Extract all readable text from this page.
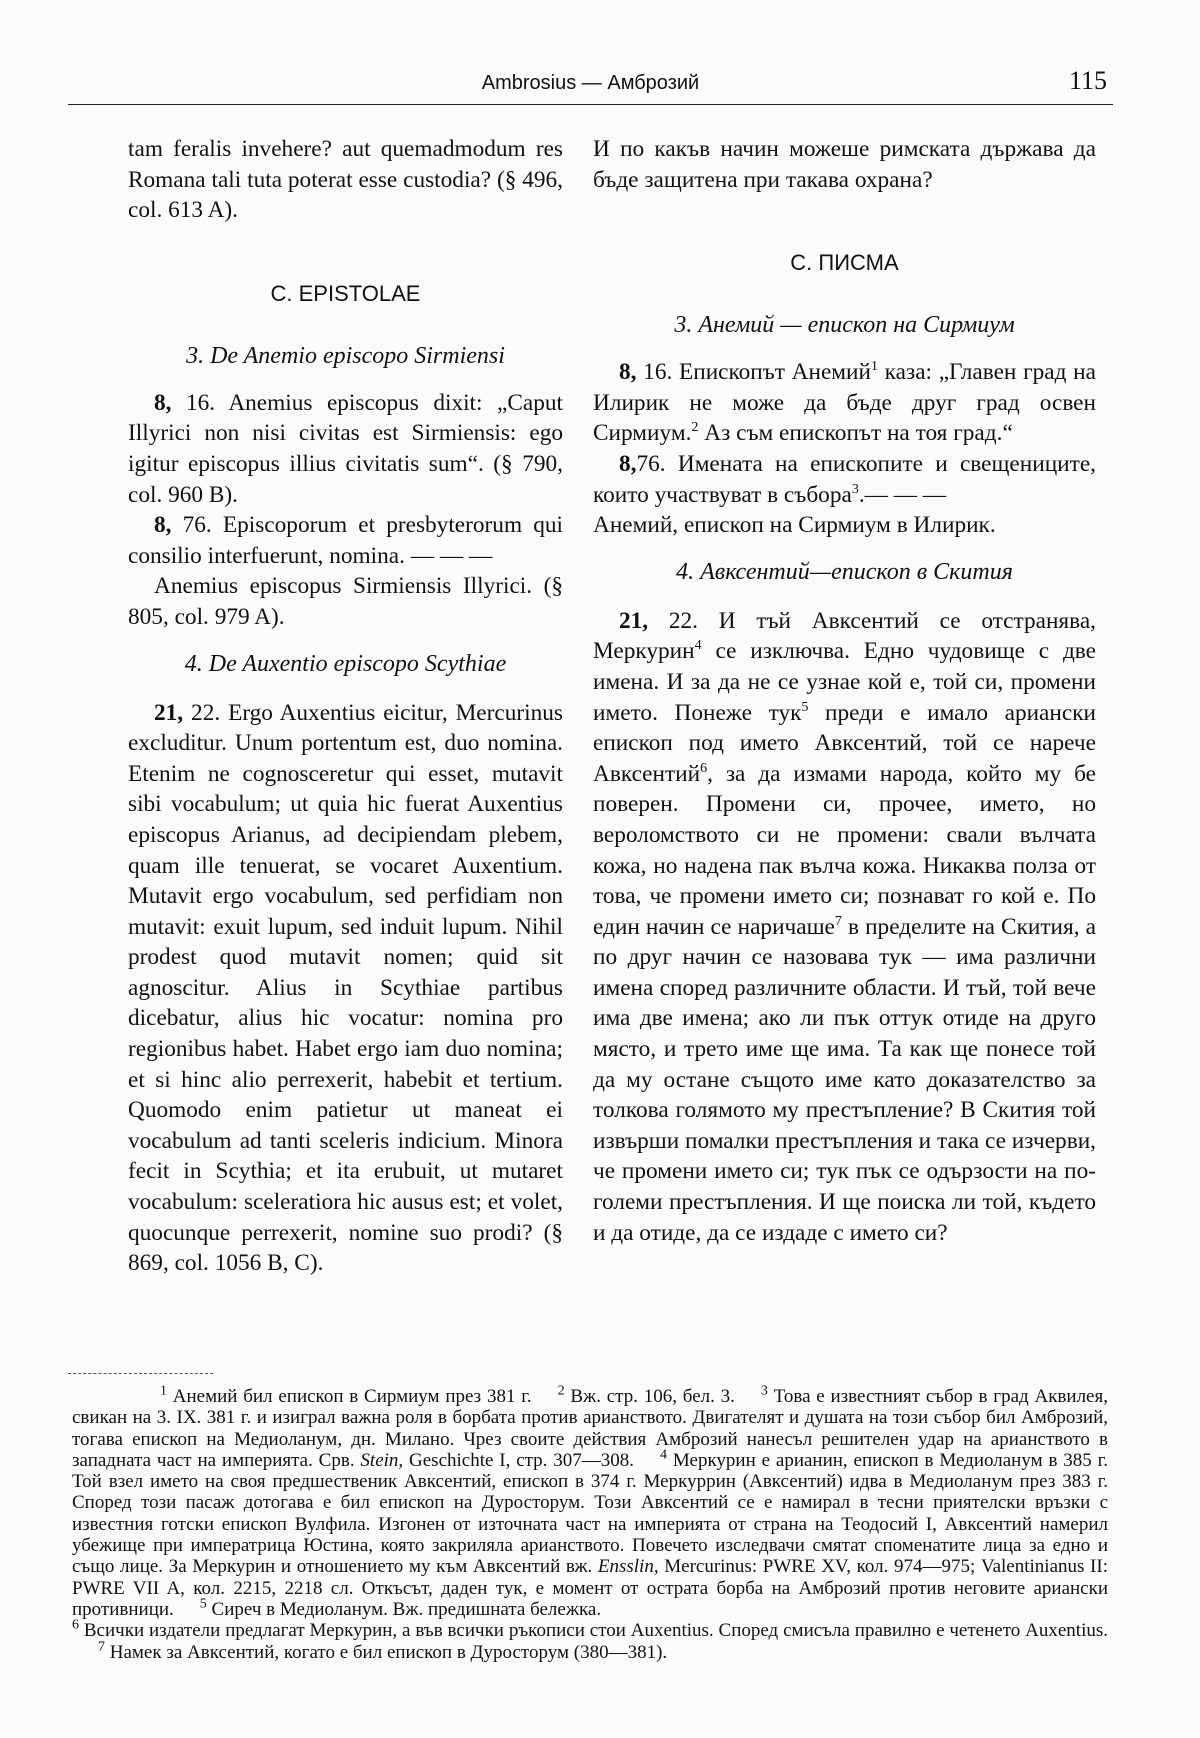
Ambrosius — Амброзий	115

tam feralis invehere? aut quemadmodum res Romana tali tuta poterat esse custodia? (§ 496, col. 613 A).

C. EPISTOLAE

3. De Anemio episcopo Sirmiensi

8, 16. Anemius episcopus dixit: „Caput Illyrici non nisi civitas est Sirmiensis: ego igitur episcopus illius civitatis sum“. (§ 790, col. 960 B).

8, 76. Episcoporum et presbyterorum qui consilio interfuerunt, nomina. — — —

Anemius episcopus Sirmiensis Illyrici. (§ 805, col. 979 A).

4. De Auxentio episcopo Scythiae

21, 22. Ergo Auxentius eicitur, Mercurinus excluditur. Unum portentum est, duo nomina. Etenim ne cognosceretur qui esset, mutavit sibi vocabulum; ut quia hic fuerat Auxentius episcopus Arianus, ad decipiendam plebem, quam ille tenuerat, se vocaret Auxentium. Mutavit ergo vocabulum, sed perfidiam non mutavit: exuit lupum, sed induit lupum. Nihil prodest quod mutavit nomen; quid sit agnoscitur. Alius in Scythiae partibus dicebatur, alius hic vocatur: nomina pro regionibus habet. Habet ergo iam duo nomina; et si hinc alio perrexerit, habebit et tertium. Quomodo enim patietur ut maneat ei vocabulum ad tanti sceleris indicium. Minora fecit in Scythia; et ita erubuit, ut mutaret vocabulum: sceleratiora hic ausus est; et volet, quocunque perrexerit, nomine suo prodi? (§ 869, col. 1056 B, C).

И по какъв начин можеше римската държава да бъде защитена при такава охрана?

C. ПИСМА

3. Анемий — епископ на Сирмиум

8, 16. Епископът Анемий$^1$ каза: „Главен град на Илирик не може да бъде друг град освен Сирмиум.$^2$ Аз съм епископът на тоя град.“

8,76. Имената на епископите и свещениците, които участвуват в събора$^3$.— — —

Анемий, епископ на Сирмиум в Илирик.

4. Авксентий—епископ в Скития

21, 22. И тъй Авксентий се отстранява, Меркурин$^4$ се изключва. Едно чудовище с две имена. И за да не се узнае кой е, той си, промени името. Понеже тук$^5$ преди е имало ариански епископ под името Авксентий, той се нарече Авксентий$^6$, за да измами народа, който му бе поверен. Промени си, прочее, името, но вероломството си не промени: свали вълчата кожа, но надена пак вълча кожа. Никаква полза от това, че промени името си; познават го кой е. По един начин се наричаше$^7$ в пределите на Скития, а по друг начин се назовава тук — има различни имена според различните области. И тъй, той вече има две имена; ако ли пък оттук отиде на друго място, и трето име ще има. Та как ще понесе той да му остане същото име като доказателство за толкова голямото му престъпление? В Скития той извърши помалки престъпления и така се изчерви, че промени името си; тук пък се одързости на по-големи престъпления. И ще поиска ли той, където и да отиде, да се издаде с името си?

$^1$ Анемий бил епископ в Сирмиум през 381 г. $^2$ Вж. стр. 106, бел. 3. $^3$ Това е известният събор в град Аквилея, свикан на 3. IX. 381 г. и изиграл важна роля в борбата против арианството. Двигателят и душата на този събор бил Амброзий, тогава епископ на Медиоланум, дн. Милано. Чрез своите действия Амброзий нанесъл решителен удар на арианството в западната част на империята. Срв. Stein, Geschichte I, стр. 307—308. $^4$ Меркурин е арианин, епископ в Медиоланум в 385 г. Той взел името на своя предшественик Авксентий, епископ в 374 г. Меркуррин (Авксентий) идва в Медиоланум през 383 г. Според този пасаж дотогава е бил епископ на Дуросторум. Този Авксентий се е намирал в тесни приятелски връзки с известния готски епископ Вулфила. Изгонен от източната част на империята от страна на Теодосий I, Авксентий намерил убежище при императрица Юстина, която закриляла арианството. Повечето изследвачи смятат споменатите лица за едно и също лице. За Меркурин и отношението му към Авксентий вж. Ensslin, Mercurinus: PWRE XV, кол. 974—975; Valentinianus II: PWRE VII A, кол. 2215, 2218 сл. Откъсът, даден тук, е момент от острата борба на Амброзий против неговите ариански противници. $^5$ Сиреч в Медиоланум. Вж. предишната бележка.

$^6$ Всички издатели предлагат Меркурин, а във всички ръкописи стои Auxentius. Според смисъла правилно е четенето Auxentius.$^7$ Намек за Авксентий, когато е бил епископ в Дуросторум (380—381).
